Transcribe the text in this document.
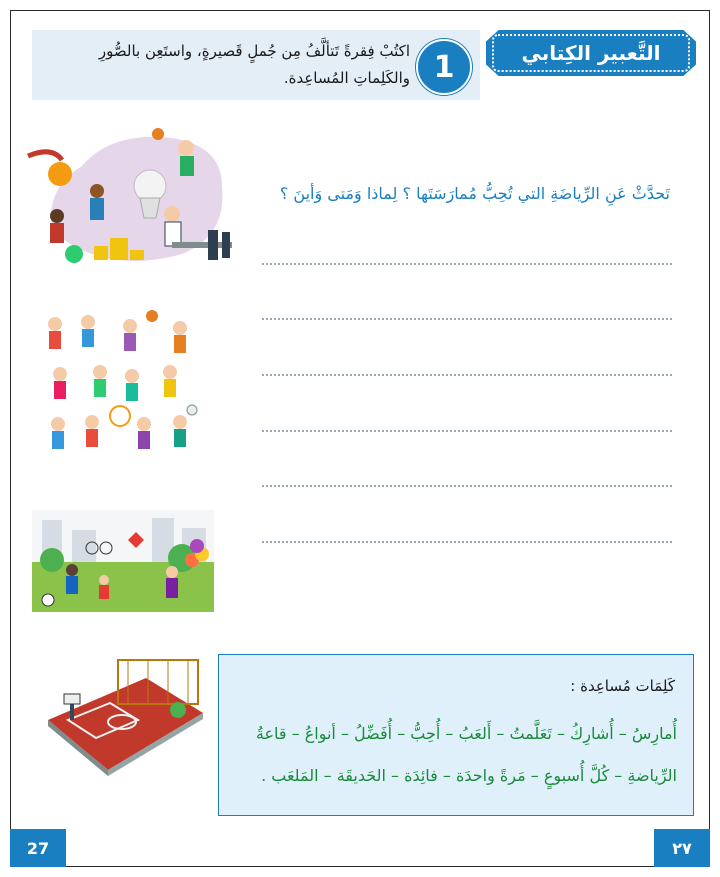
التَّعبير الكِتابي
1
اكتُبْ فِقرةً تَتألَّفُ مِن جُملٍ قَصيرةٍ، واستَعِن بالصُّورِ والكَلِماتِ المُساعِدة.
تَحدَّثْ عَنِ الرِّياضَةِ التي تُحِبُّ مُمارَسَتَها ؟ لِماذا وَمَتى وَأينَ ؟
كَلِمَات مُساعِدة :
أُمارِسُ – أُشارِكُ – تَعَلَّمتُ – أَلعَبُ – أُحِبُّ – أُفَضِّلُ – أنواعُ – قاعةُ الرِّياضةِ – كُلَّ أُسبوعٍ – مَرةً واحدَة – فائِدَة – الحَديقَة – المَلعَب .
27	٢٧
